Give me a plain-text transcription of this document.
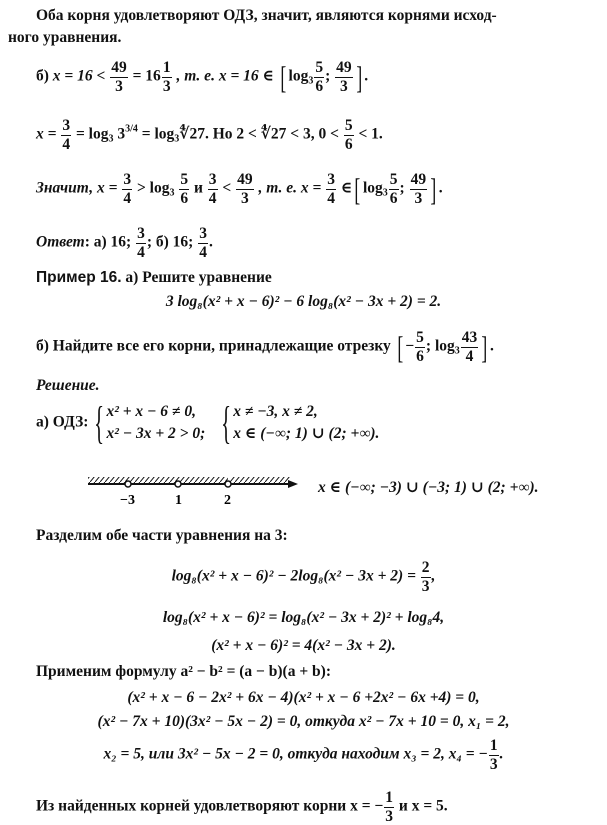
Оба корня удовлетворяют ОДЗ, значит, являются корнями исход-
ного уравнения.
б) $x = 16 < \frac{49}{3} = 16 \frac{1}{3}$ , т. е. x = 16 ∈ [ $\log_3 \frac{5}{6}$ ; $\frac{49}{3}$ ] .
$x = \frac{3}{4} = \log_3 3^{3/4}$ = $\log_3∜27$. Но 2 < ∜27 < 3, $0 < \frac{5}{6} < 1$.
Значит, $x = \frac{3}{4} > \log_3 \frac{5}{6}$ и $\frac{3}{4} < \frac{49}{3}$ , т. е. $x = \frac{3}{4}$ ∈[ $\log_3 \frac{5}{6}$ ; $\frac{49}{3}$ ] .
Ответ: а) 16; $\frac{3}{4}$ ; б) 16; $\frac{3}{4}$ .
Пример 16. а) Решите уравнение
3 log₈(x² + x − 6)² − 6 log₈(x² − 3x + 2) = 2.
б) Найдите все его корни, принадлежащие отрезку [ − $\frac{5}{6}$ ; $\log_3 \frac{43}{4}$ ] .
Решение.
а) ОДЗ: { x² + x − 6 ≠ 0,
x² − 3x + 2 > 0;
{ x ≠ −3, x ≠ 2,
x ∈ (−∞; 1) ∪ (2; +∞).
−3	1	2
x ∈ (−∞; −3) ∪ (−3; 1) ∪ (2; +∞).
Разделим обе части уравнения на 3:
$\log_8(x^2 + x - 6)^2 - 2\log_8(x^2 - 3x + 2) = \frac{2}{3}$ ,
log₈(x² + x − 6)² = log₈(x² − 3x + 2)² + log₈4,
(x² + x − 6)² = 4(x² − 3x + 2).
Применим формулу a² − b² = (a − b)(a + b):
(x² + x − 6 − 2x² + 6x − 4)(x² + x − 6 +2x² − 6x +4) = 0,
(x² − 7x + 10)(3x² − 5x − 2) = 0, откуда x² − 7x + 10 = 0, x₁ = 2,
x₂ = 5, или 3x² − 5x − 2 = 0, откуда находим x₃ = 2, x₄ = − $\frac{1}{3}$ .
Из найденных корней удовлетворяют корни x = − $\frac{1}{3}$ и x = 5.
